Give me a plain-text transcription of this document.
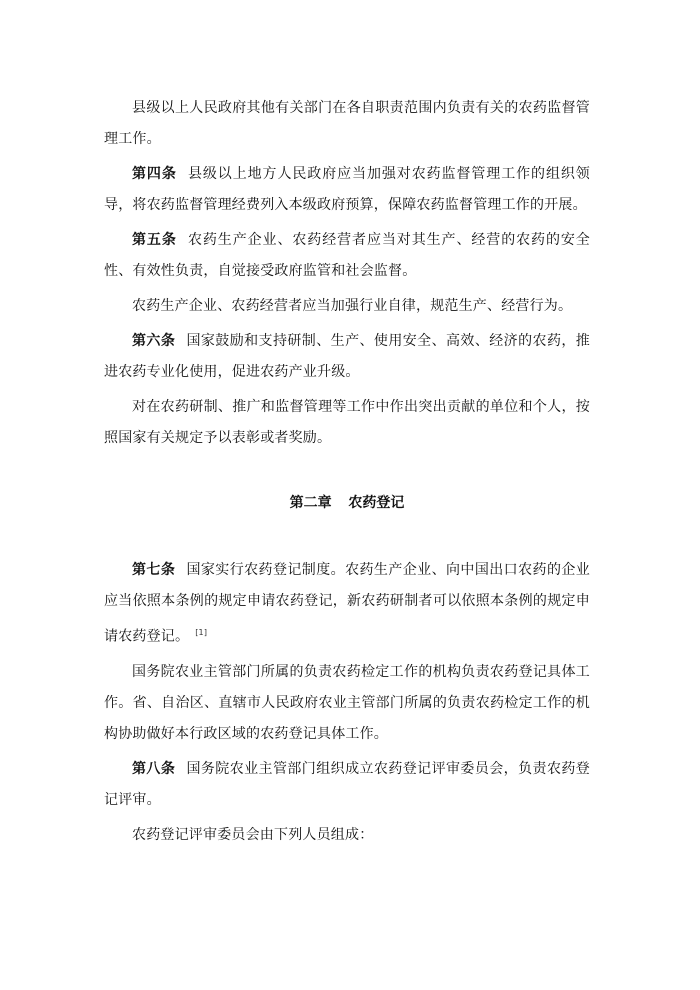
县级以上人民政府其他有关部门在各自职责范围内负责有关的农药监督管理工作。

第四条 县级以上地方人民政府应当加强对农药监督管理工作的组织领导，将农药监督管理经费列入本级政府预算，保障农药监督管理工作的开展。

第五条 农药生产企业、农药经营者应当对其生产、经营的农药的安全性、有效性负责，自觉接受政府监管和社会监督。

农药生产企业、农药经营者应当加强行业自律，规范生产、经营行为。

第六条 国家鼓励和支持研制、生产、使用安全、高效、经济的农药，推进农药专业化使用，促进农药产业升级。

对在农药研制、推广和监督管理等工作中作出突出贡献的单位和个人，按照国家有关规定予以表彰或者奖励。

第二章 农药登记

第七条 国家实行农药登记制度。农药生产企业、向中国出口农药的企业应当依照本条例的规定申请农药登记，新农药研制者可以依照本条例的规定申请农药登记。 [1]

国务院农业主管部门所属的负责农药检定工作的机构负责农药登记具体工作。省、自治区、直辖市人民政府农业主管部门所属的负责农药检定工作的机构协助做好本行政区域的农药登记具体工作。

第八条 国务院农业主管部门组织成立农药登记评审委员会，负责农药登记评审。

农药登记评审委员会由下列人员组成：
